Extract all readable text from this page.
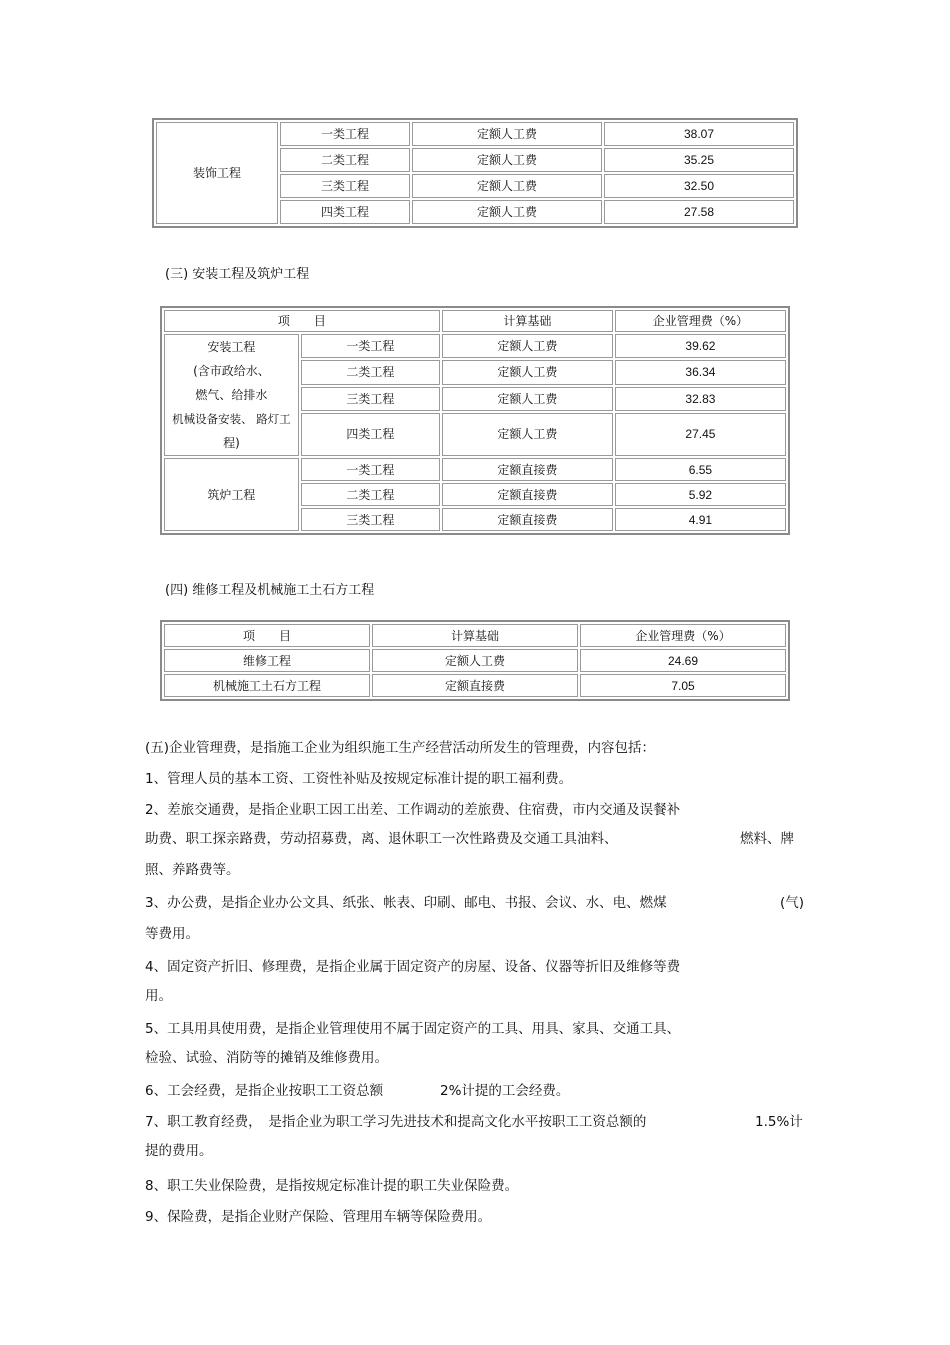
装饰工程	一类工程	定额人工费	38.07
	二类工程	定额人工费	35.25
	三类工程	定额人工费	32.50
	四类工程	定额人工费	27.58
(三) 安装工程及筑炉工程
项　　目		计算基础	企业管理费（%）

安装工程
(含市政给水、
燃气、给排水
机械设备安装、 路灯工
程)	一类工程	定额人工费	39.62
	二类工程	定额人工费	36.34
	三类工程	定额人工费	32.83
	四类工程	定额人工费	27.45
筑炉工程	一类工程	定额直接费	6.55
	二类工程	定额直接费	5.92
	三类工程	定额直接费	4.91
(四) 维修工程及机械施工土石方工程
项　　目	计算基础	企业管理费（%）
维修工程	定额人工费	24.69
机械施工土石方工程	定额直接费	7.05
(五)企业管理费，是指施工企业为组织施工生产经营活动所发生的管理费，内容包括：
1、管理人员的基本工资、工资性补贴及按规定标准计提的职工福利费。
2、差旅交通费，是指企业职工因工出差、工作调动的差旅费、住宿费，市内交通及误餐补
助费、职工探亲路费，劳动招募费，离、退休职工一次性路费及交通工具油料、	燃料、牌
照、养路费等。
3、办公费，是指企业办公文具、纸张、帐表、印刷、邮电、书报、会议、水、电、燃煤	(气)
等费用。
4、固定资产折旧、修理费，是指企业属于固定资产的房屋、设备、仪器等折旧及维修等费
用。
5、工具用具使用费，是指企业管理使用不属于固定资产的工具、用具、家具、交通工具、
检验、试验、消防等的摊销及维修费用。
6、工会经费，是指企业按职工工资总额	2%计提的工会经费。
7、职工教育经费，　是指企业为职工学习先进技术和提高文化水平按职工工资总额的	1.5%计
提的费用。
8、职工失业保险费，是指按规定标准计提的职工失业保险费。
9、保险费，是指企业财产保险、管理用车辆等保险费用。
